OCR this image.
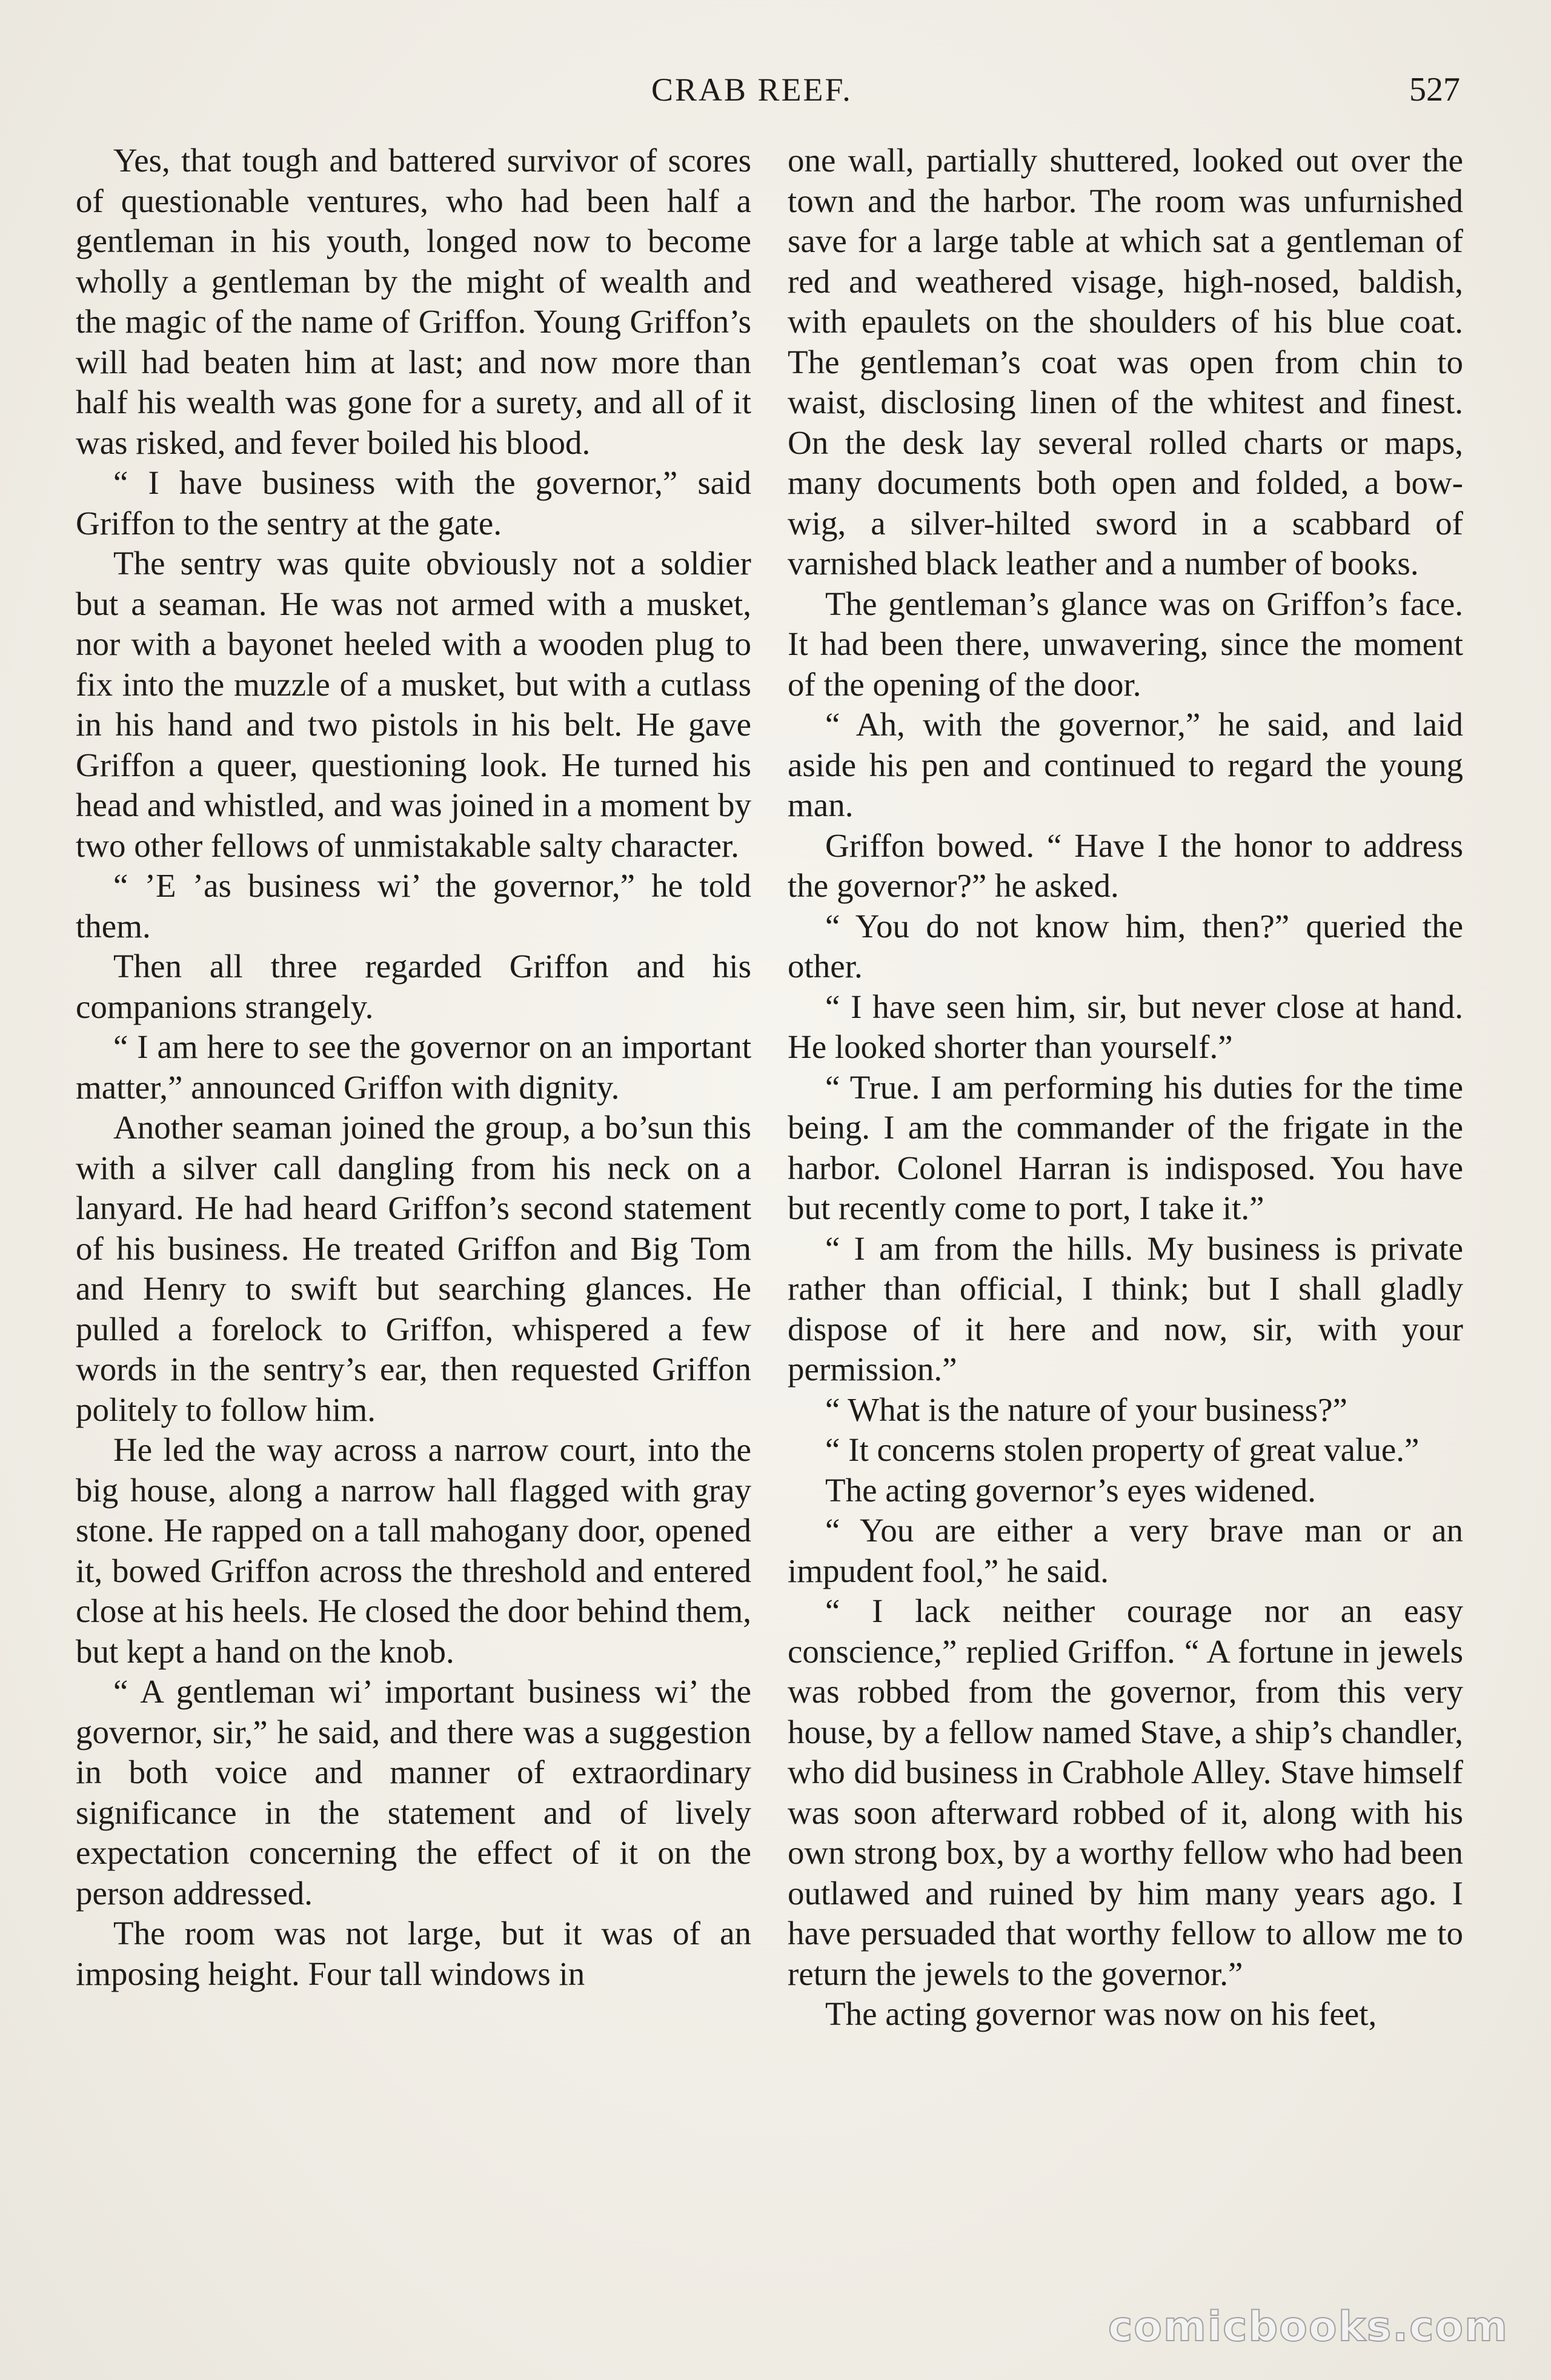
CRAB REEF.	527

Yes, that tough and battered survivor of scores of questionable ventures, who had been half a gentleman in his youth, longed now to become wholly a gentleman by the might of wealth and the magic of the name of Griffon. Young Griffon’s will had beaten him at last; and now more than half his wealth was gone for a surety, and all of it was risked, and fever boiled his blood.

“ I have business with the governor,” said Griffon to the sentry at the gate.

The sentry was quite obviously not a soldier but a seaman. He was not armed with a musket, nor with a bayonet heeled with a wooden plug to fix into the muzzle of a musket, but with a cutlass in his hand and two pistols in his belt. He gave Griffon a queer, questioning look. He turned his head and whistled, and was joined in a moment by two other fellows of unmistakable salty character.

“ ’E ’as business wi’ the governor,” he told them.

Then all three regarded Griffon and his companions strangely.

“ I am here to see the governor on an important matter,” announced Griffon with dignity.

Another seaman joined the group, a bo’sun this with a silver call dangling from his neck on a lanyard. He had heard Griffon’s second statement of his business. He treated Griffon and Big Tom and Henry to swift but searching glances. He pulled a forelock to Griffon, whispered a few words in the sentry’s ear, then requested Griffon politely to follow him.

He led the way across a narrow court, into the big house, along a narrow hall flagged with gray stone. He rapped on a tall mahogany door, opened it, bowed Griffon across the threshold and entered close at his heels. He closed the door behind them, but kept a hand on the knob.

“ A gentleman wi’ important business wi’ the governor, sir,” he said, and there was a suggestion in both voice and manner of extraordinary significance in the statement and of lively expectation concerning the effect of it on the person addressed.

The room was not large, but it was of an imposing height. Four tall windows in

one wall, partially shuttered, looked out over the town and the harbor. The room was unfurnished save for a large table at which sat a gentleman of red and weathered visage, high-nosed, baldish, with epaulets on the shoulders of his blue coat. The gentleman’s coat was open from chin to waist, disclosing linen of the whitest and finest. On the desk lay several rolled charts or maps, many documents both open and folded, a bow-wig, a silver-hilted sword in a scabbard of varnished black leather and a number of books.

The gentleman’s glance was on Griffon’s face. It had been there, unwavering, since the moment of the opening of the door.

“ Ah, with the governor,” he said, and laid aside his pen and continued to regard the young man.

Griffon bowed. “ Have I the honor to address the governor?” he asked.

“ You do not know him, then?” queried the other.

“ I have seen him, sir, but never close at hand. He looked shorter than yourself.”

“ True. I am performing his duties for the time being. I am the commander of the frigate in the harbor. Colonel Harran is indisposed. You have but recently come to port, I take it.”

“ I am from the hills. My business is private rather than official, I think; but I shall gladly dispose of it here and now, sir, with your permission.”

“ What is the nature of your business?”

“ It concerns stolen property of great value.”

The acting governor’s eyes widened.

“ You are either a very brave man or an impudent fool,” he said.

“ I lack neither courage nor an easy conscience,” replied Griffon. “ A fortune in jewels was robbed from the governor, from this very house, by a fellow named Stave, a ship’s chandler, who did business in Crabhole Alley. Stave himself was soon afterward robbed of it, along with his own strong box, by a worthy fellow who had been outlawed and ruined by him many years ago. I have persuaded that worthy fellow to allow me to return the jewels to the governor.”

The acting governor was now on his feet,

comicbooks.com
